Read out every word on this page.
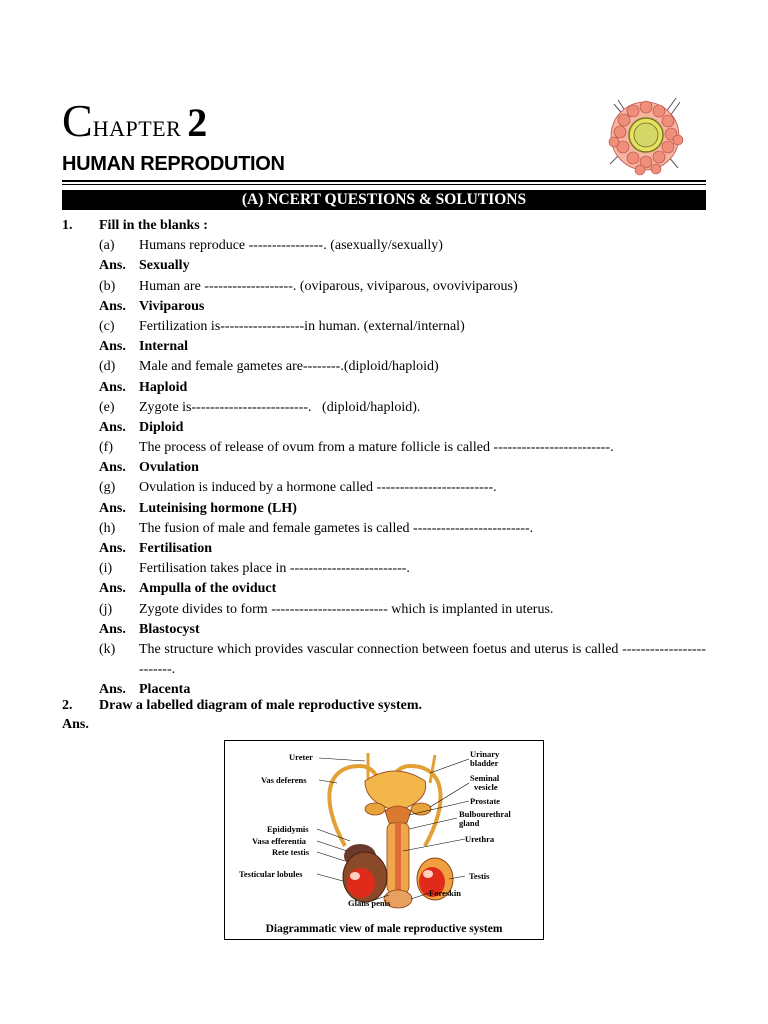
CHAPTER 2
HUMAN REPRODUTION
(A) NCERT QUESTIONS & SOLUTIONS
1. Fill in the blanks :
(a) Humans reproduce ----------------. (asexually/sexually)
Ans. Sexually
(b) Human are -------------------. (oviparous, viviparous, ovoviviparous)
Ans. Viviparous
(c) Fertilization is------------------in human. (external/internal)
Ans. Internal
(d) Male and female gametes are--------.(diploid/haploid)
Ans. Haploid
(e) Zygote is-------------------------.   (diploid/haploid).
Ans. Diploid
(f) The process of release of ovum from a mature follicle is called -------------------------.
Ans. Ovulation
(g) Ovulation is induced by a hormone called -------------------------.
Ans. Luteinising hormone (LH)
(h) The fusion of male and female gametes is called -------------------------.
Ans. Fertilisation
(i) Fertilisation takes place in -------------------------.
Ans. Ampulla of the oviduct
(j) Zygote divides to form ------------------------- which is implanted in uterus.
Ans. Blastocyst
(k) The structure which provides vascular connection between foetus and uterus is called -------------------------.
Ans. Placenta
2. Draw a labelled diagram of male reproductive system.
Ans.
Ureter
Vas deferens
Epididymis
Vasa efferentia
Rete testis
Testicular lobules
Glans penis
Urinary
bladder
Seminal
vesicle
Prostate
Bulbourethral
gland
Urethra
Testis
Foreskin
Diagrammatic view of male reproductive system
